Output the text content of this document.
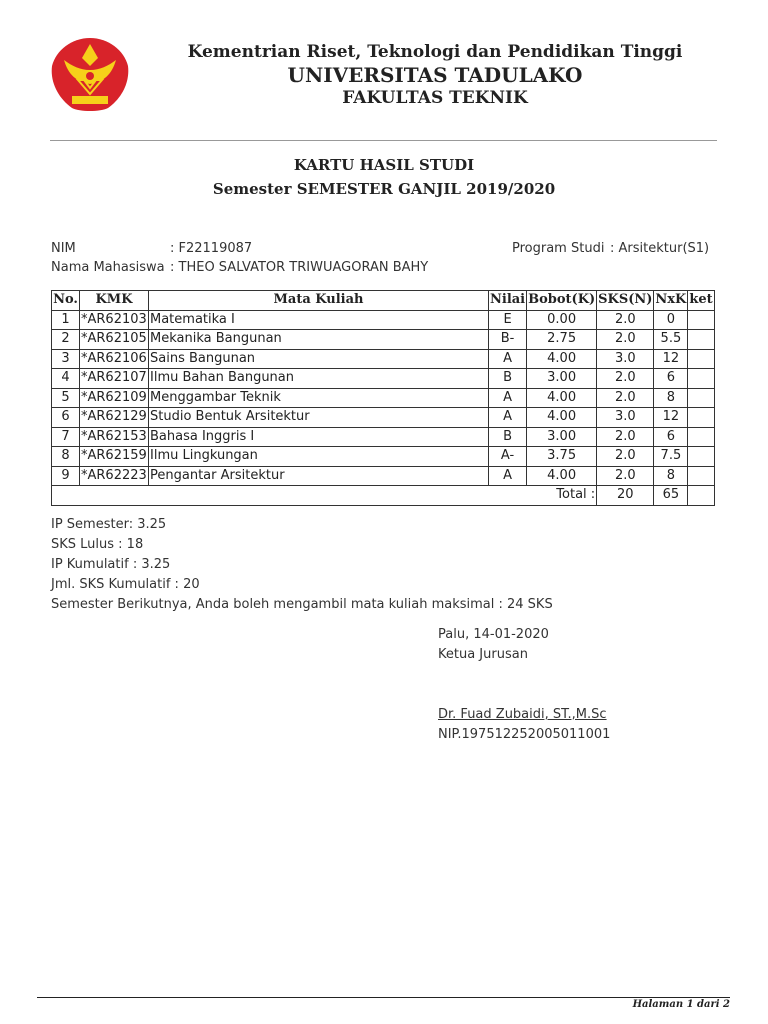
Kementrian Riset, Teknologi dan Pendidikan Tinggi
UNIVERSITAS TADULAKO
FAKULTAS TEKNIK
KARTU HASIL STUDI
Semester SEMESTER GANJIL 2019/2020
NIM	: F22119087
Nama Mahasiswa : THEO SALVATOR TRIWUAGORAN BAHY
Program Studi : Arsitektur(S1)
No.	KMK	Mata Kuliah	Nilai	Bobot(K)	SKS(N)	NxK	ket
1	*AR62103	Matematika I	E	0.00	2.0	0	
2	*AR62105	Mekanika Bangunan	B-	2.75	2.0	5.5	
3	*AR62106	Sains Bangunan	A	4.00	3.0	12	
4	*AR62107	Ilmu Bahan Bangunan	B	3.00	2.0	6	
5	*AR62109	Menggambar Teknik	A	4.00	2.0	8	
6	*AR62129	Studio Bentuk Arsitektur	A	4.00	3.0	12	
7	*AR62153	Bahasa Inggris I	B	3.00	2.0	6	
8	*AR62159	Ilmu Lingkungan	A-	3.75	2.0	7.5	
9	*AR62223	Pengantar Arsitektur	A	4.00	2.0	8	
Total :					20	65	
IP Semester: 3.25
SKS Lulus : 18
IP Kumulatif : 3.25
Jml. SKS Kumulatif : 20
Semester Berikutnya, Anda boleh mengambil mata kuliah maksimal : 24 SKS
Palu, 14-01-2020
Ketua Jurusan
Dr. Fuad Zubaidi, ST.,M.Sc
NIP.197512252005011001
Halaman 1 dari 2
